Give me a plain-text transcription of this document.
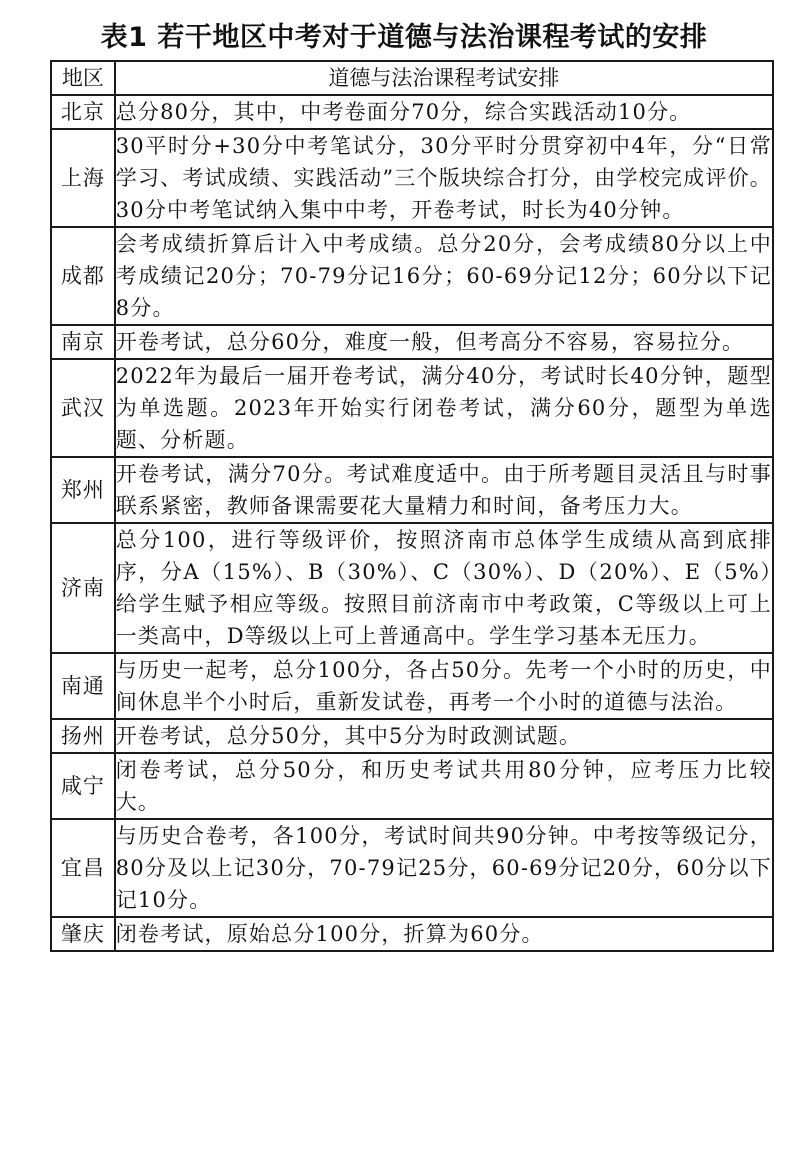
表1 若干地区中考对于道德与法治课程考试的安排
地区	道德与法治课程考试安排
北京	总分80分，其中，中考卷面分70分，综合实践活动10分。
上海	30平时分+30分中考笔试分，30分平时分贯穿初中4年，分“日常学习、考试成绩、实践活动”三个版块综合打分，由学校完成评价。30分中考笔试纳入集中中考，开卷考试，时长为40分钟。
成都	会考成绩折算后计入中考成绩。总分20分，会考成绩80分以上中考成绩记20分；70-79分记16分；60-69分记12分；60分以下记8分。
南京	开卷考试，总分60分，难度一般，但考高分不容易，容易拉分。
武汉	2022年为最后一届开卷考试，满分40分，考试时长40分钟，题型为单选题。2023年开始实行闭卷考试，满分60分，题型为单选题、分析题。
郑州	开卷考试，满分70分。考试难度适中。由于所考题目灵活且与时事联系紧密，教师备课需要花大量精力和时间，备考压力大。
济南	总分100，进行等级评价，按照济南市总体学生成绩从高到底排序，分A（15%）、B（30%）、C（30%）、D（20%）、E（5%）给学生赋予相应等级。按照目前济南市中考政策，C等级以上可上一类高中，D等级以上可上普通高中。学生学习基本无压力。
南通	与历史一起考，总分100分，各占50分。先考一个小时的历史，中间休息半个小时后，重新发试卷，再考一个小时的道德与法治。
扬州	开卷考试，总分50分，其中5分为时政测试题。
咸宁	闭卷考试，总分50分，和历史考试共用80分钟，应考压力比较大。
宜昌	与历史合卷考，各100分，考试时间共90分钟。中考按等级记分，80分及以上记30分，70-79记25分，60-69分记20分，60分以下记10分。
肇庆	闭卷考试，原始总分100分，折算为60分。
